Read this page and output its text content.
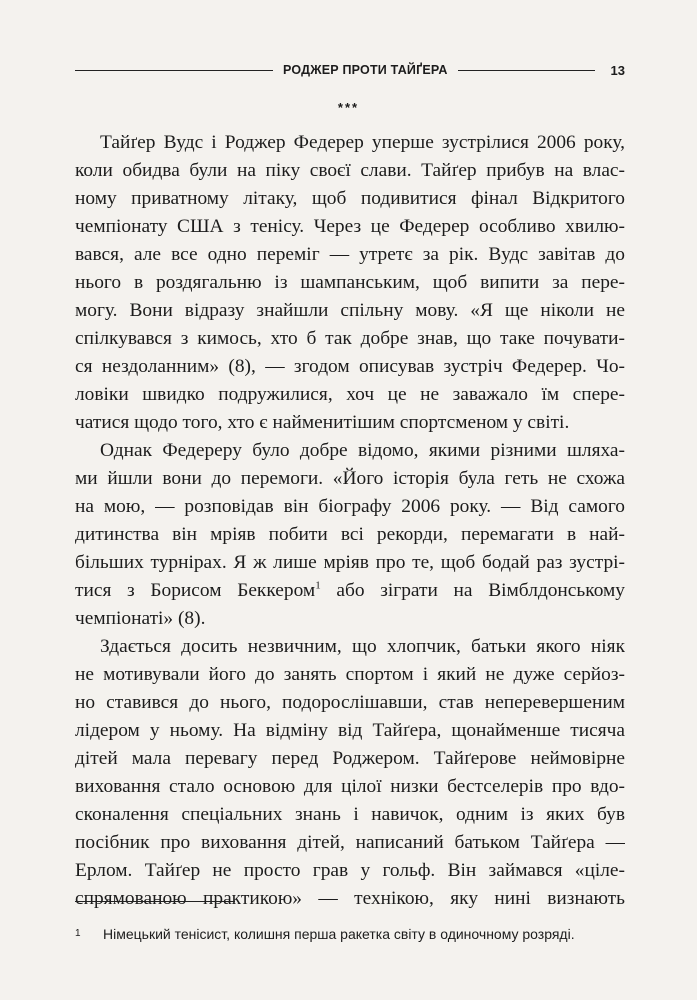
РОДЖЕР ПРОТИ ТАЙҐЕРА	13
***
Тайґер Вудс і Роджер Федерер уперше зустрілися 2006 року,
коли обидва були на піку своєї слави. Тайґер прибув на влас-
ному приватному літаку, щоб подивитися фінал Відкритого
чемпіонату США з тенісу. Через це Федерер особливо хвилю-
вався, але все одно переміг — утретє за рік. Вудс завітав до
нього в роздягальню із шампанським, щоб випити за пере-
могу. Вони відразу знайшли спільну мову. «Я ще ніколи не
спілкувався з кимось, хто б так добре знав, що таке почувати-
ся нездоланним» (8), — згодом описував зустріч Федерер. Чо-
ловіки швидко подружилися, хоч це не заважало їм спере-
чатися щодо того, хто є найменитішим спортсменом у світі.
Однак Федереру було добре відомо, якими різними шляха-
ми йшли вони до перемоги. «Його історія була геть не схожа
на мою, — розповідав він біографу 2006 року. — Від самого
дитинства він мріяв побити всі рекорди, перемагати в най-
більших турнірах. Я ж лише мріяв про те, щоб бодай раз зустрі-
тися з Борисом Беккером$^1$ або зіграти на Вімблдонському
чемпіонаті» (8).
Здається досить незвичним, що хлопчик, батьки якого ніяк
не мотивували його до занять спортом і який не дуже серйоз-
но ставився до нього, подорослішавши, став неперевершеним
лідером у ньому. На відміну від Тайґера, щонайменше тисяча
дітей мала перевагу перед Роджером. Тайґерове неймовірне
виховання стало основою для цілої низки бестселерів про вдо-
сконалення спеціальних знань і навичок, одним із яких був
посібник про виховання дітей, написаний батьком Тайґера —
Ерлом. Тайґер не просто грав у гольф. Він займався «ціле-
спрямованою практикою» — технікою, яку нині визнають
1 Німецький тенісист, колишня перша ракетка світу в одиночному розряді.
